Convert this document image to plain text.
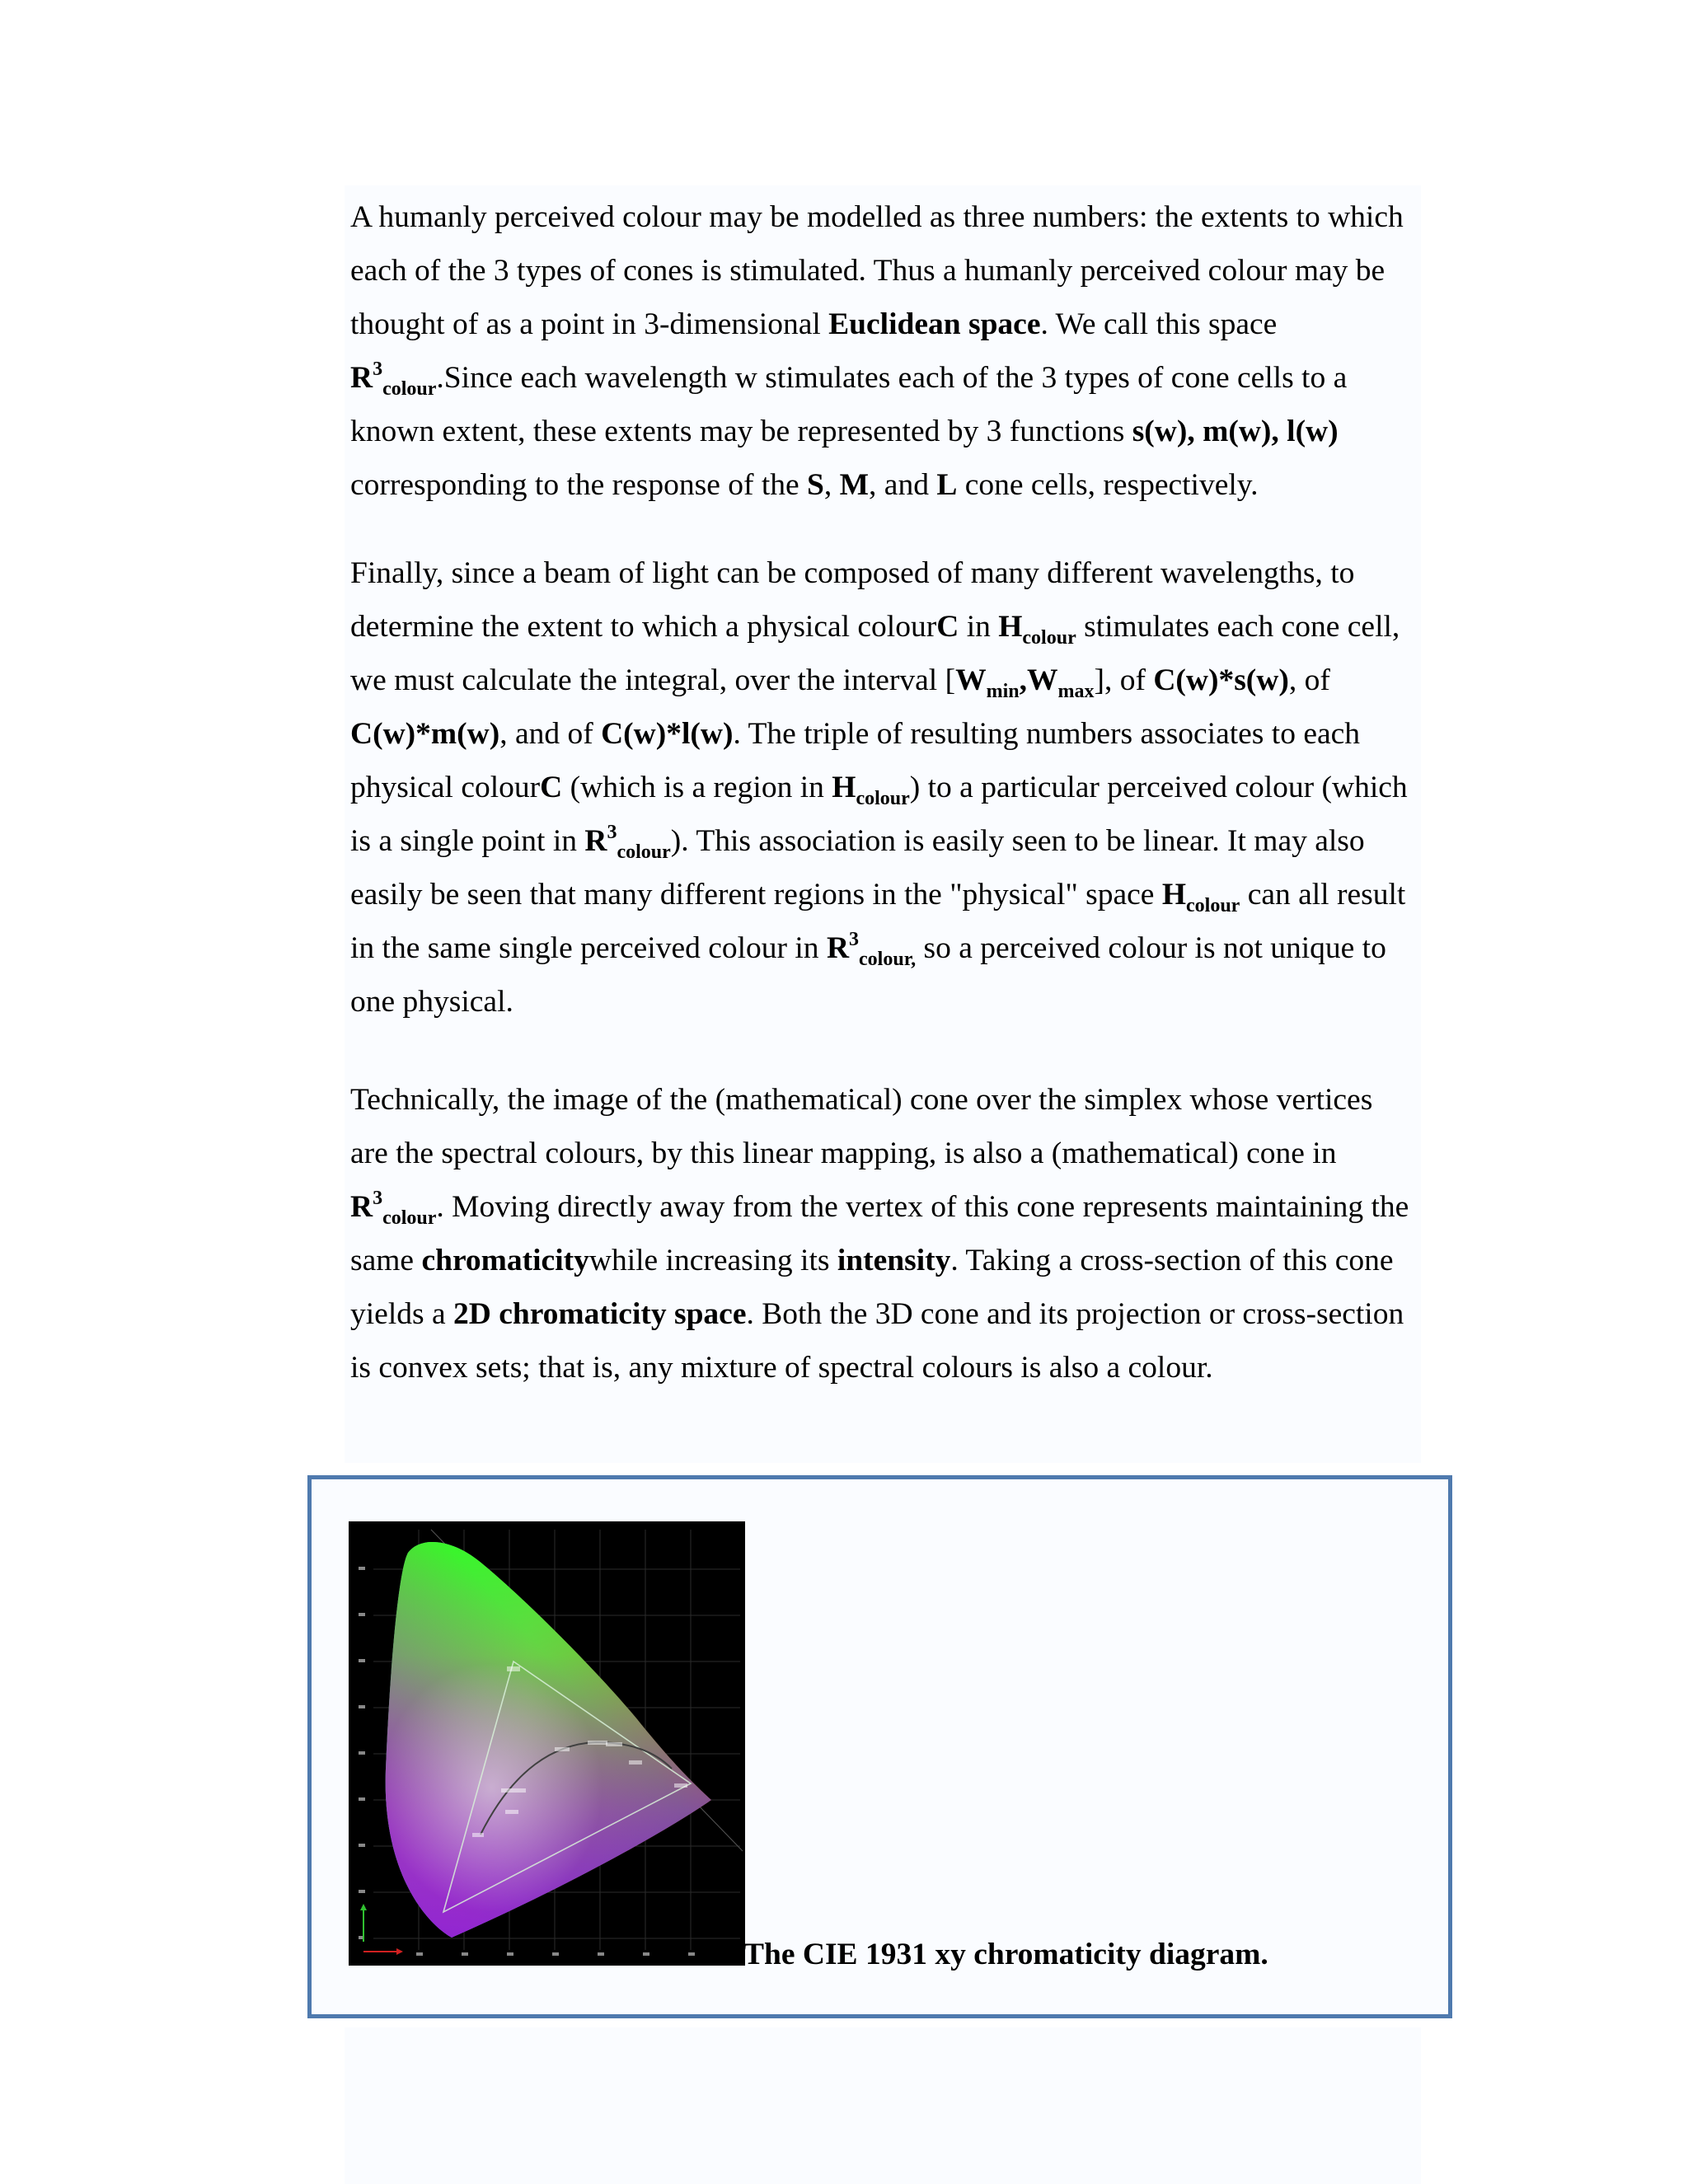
A humanly perceived colour may be modelled as three numbers: the extents to which
each of the 3 types of cones is stimulated. Thus a humanly perceived colour may be
thought of as a point in 3-dimensional Euclidean space. We call this space
$R^3_{colour}.Since$ each wavelength w stimulates each of the 3 types of cone cells to a
known extent, these extents may be represented by 3 functions s(w), m(w), l(w)
corresponding to the response of the S, M, and L cone cells, respectively.

Finally, since a beam of light can be composed of many different wavelengths, to
determine the extent to which a physical colourC in $H_{colour}$ stimulates each cone cell,
we must calculate the integral, over the interval $[W_{min},W_{max}]$, of C(w)*s(w), of
C(w)*m(w), and of C(w)*l(w). The triple of resulting numbers associates to each
physical colourC (which is a region in $H_{colour}$) to a particular perceived colour (which
is a single point in $R^3_{colour}$). This association is easily seen to be linear. It may also
easily be seen that many different regions in the "physical" space $H_{colour}$ can all result
in the same single perceived colour in $R^3_{colour,}$ so a perceived colour is not unique to
one physical.

Technically, the image of the (mathematical) cone over the simplex whose vertices
are the spectral colours, by this linear mapping, is also a (mathematical) cone in
$R^3_{colour}$. Moving directly away from the vertex of this cone represents maintaining the
same chromaticitywhile increasing its intensity. Taking a cross-section of this cone
yields a 2D chromaticity space. Both the 3D cone and its projection or cross-section
is convex sets; that is, any mixture of spectral colours is also a colour.

The CIE 1931 xy chromaticity diagram.
